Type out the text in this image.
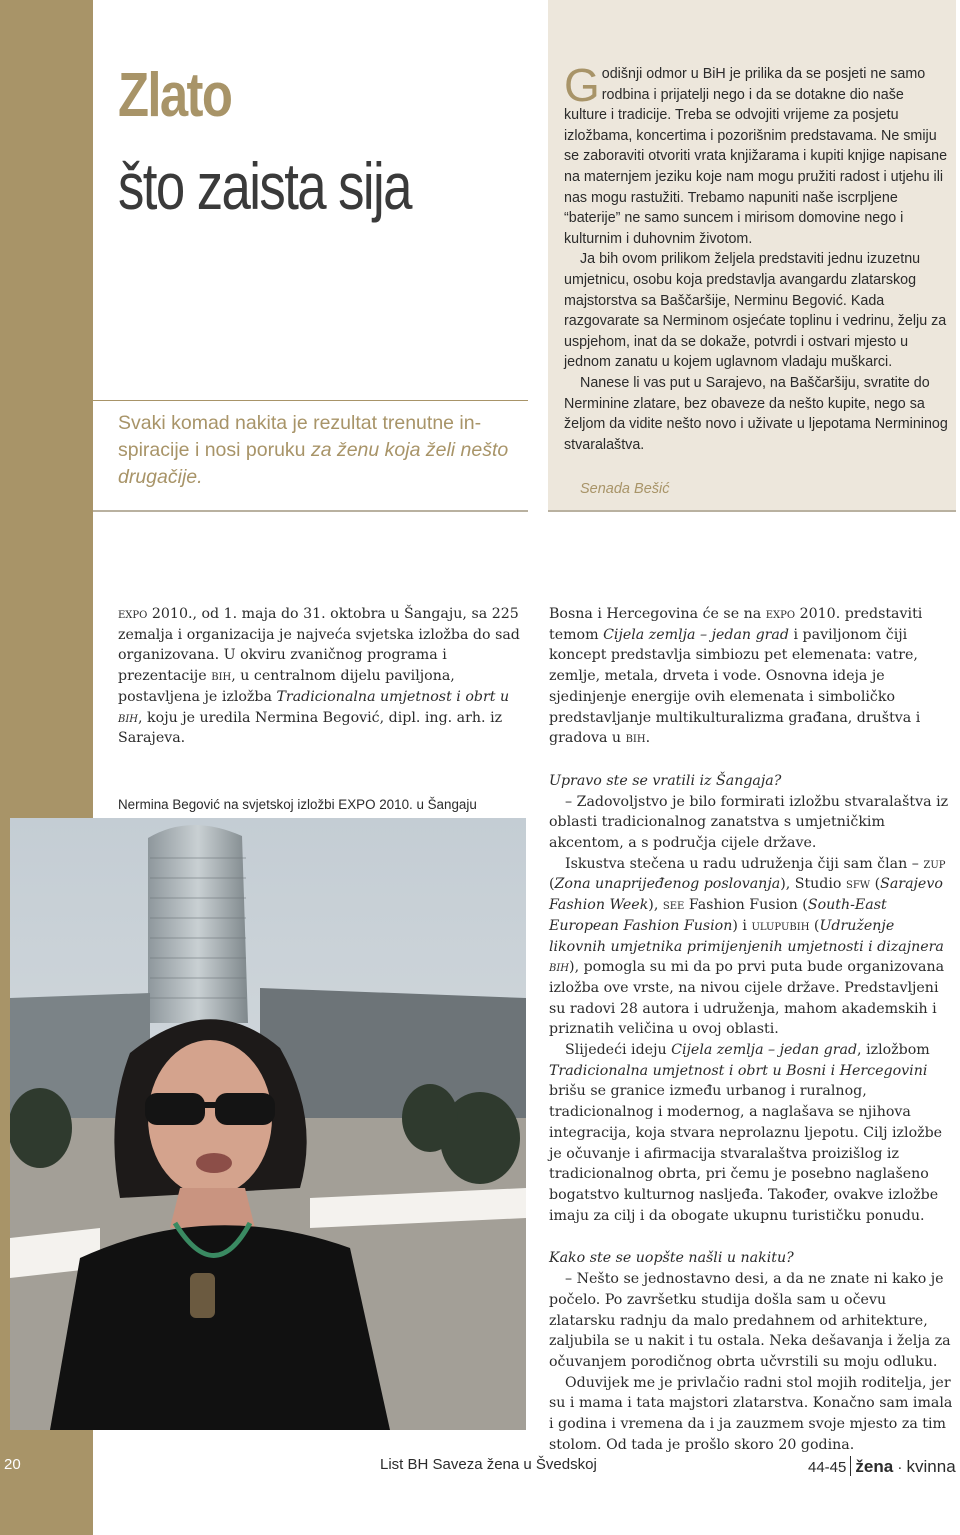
Zlato
što zaista sija
Svaki komad nakita je rezultat trenutne in-spiracije i nosi poruku za ženu koja želi nešto drugačije.

Godišnji odmor u BiH je prilika da se posjeti ne samo rodbina i prijatelji nego i da se dotakne dio naše kulture i tradicije. Treba se odvojiti vrijeme za posjetu izložbama, koncertima i pozorišnim predstavama. Ne smiju se zaboraviti otvoriti vrata knjižarama i kupiti knjige napisane na maternjem jeziku koje nam mogu pružiti radost i utjehu ili nas mogu rastužiti. Trebamo napuniti naše iscrpljene “baterije” ne samo suncem i mirisom domovine nego i kulturnim i duhovnim životom.

Ja bih ovom prilikom željela predstaviti jednu izuzetnu umjetnicu, osobu koja predstavlja avangardu zlatarskog majstorstva sa Baščaršije, Nerminu Begović. Kada razgovarate sa Nerminom osjećate toplinu i vedrinu, želju za uspjehom, inat da se dokaže, potvrdi i ostvari mjesto u jednom zanatu u kojem uglavnom vladaju muškarci.

Nanese li vas put u Sarajevo, na Baščaršiju, svratite do Nerminine zlatare, bez obaveze da nešto kupite, nego sa željom da vidite nešto novo i uživate u ljepotama Nermininog stvaralaštva.

Senada Bešić

expo 2010., od 1. maja do 31. oktobra u Šangaju, sa 225 zemalja i organizacija je najveća svjetska izložba do sad organizovana. U okviru zvaničnog programa i prezentacije bih, u centralnom dijelu paviljona, postavljena je izložba Tradicionalna umjetnost i obrt u bih, koju je uredila Nermina Begović, dipl. ing. arh. iz Sarajeva.

Nermina Begović na svjetskoj izložbi EXPO 2010. u Šangaju

Bosna i Hercegovina će se na expo 2010. predstaviti temom Cijela zemlja – jedan grad i paviljonom čiji koncept predstavlja simbiozu pet elemenata: vatre, zemlje, metala, drveta i vode. Osnovna ideja je sjedinjenje energije ovih elemenata i simboličko predstavljanje multikulturalizma građana, društva i gradova u bih.

Upravo ste se vratili iz Šangaja?

– Zadovoljstvo je bilo formirati izložbu stvaralaštva iz oblasti tradicionalnog zanatstva s umjetničkim akcentom, a s područja cijele države.

Iskustva stečena u radu udruženja čiji sam član – zup (Zona unaprijeđenog poslovanja), Studio sfw (Sarajevo Fashion Week), see Fashion Fusion (South-East European Fashion Fusion) i ulupubih (Udruženje likovnih umjetnika primijenjenih umjetnosti i dizajnera bih), pomogla su mi da po prvi puta bude organizovana izložba ove vrste, na nivou cijele države. Predstavljeni su radovi 28 autora i udruženja, mahom akademskih i priznatih veličina u ovoj oblasti.

Slijedeći ideju Cijela zemlja – jedan grad, izložbom Tradicionalna umjetnost i obrt u Bosni i Hercegovini brišu se granice između urbanog i ruralnog, tradicionalnog i modernog, a naglašava se njihova integracija, koja stvara neprolaznu ljepotu. Cilj izložbe je očuvanje i afirmacija stvaralaštva proizišlog iz tradicionalnog obrta, pri čemu je posebno naglašeno bogatstvo kulturnog nasljeđa. Također, ovakve izložbe imaju za cilj i da obogate ukupnu turističku ponudu.

Kako ste se uopšte našli u nakitu?

– Nešto se jednostavno desi, a da ne znate ni kako je počelo. Po završetku studija došla sam u očevu zlatarsku radnju da malo predahnem od arhitekture, zaljubila se u nakit i tu ostala. Neka dešavanja i želja za očuvanjem porodičnog obrta učvrstili su moju odluku.

Oduvijek me je privlačio radni stol mojih roditelja, jer su i mama i tata majstori zlatarstva. Konačno sam imala i godina i vremena da i ja zauzmem svoje mjesto za tim stolom. Od tada je prošlo skoro 20 godina.

20	List BH Saveza žena u Švedskoj	44-45 žena · kvinna
